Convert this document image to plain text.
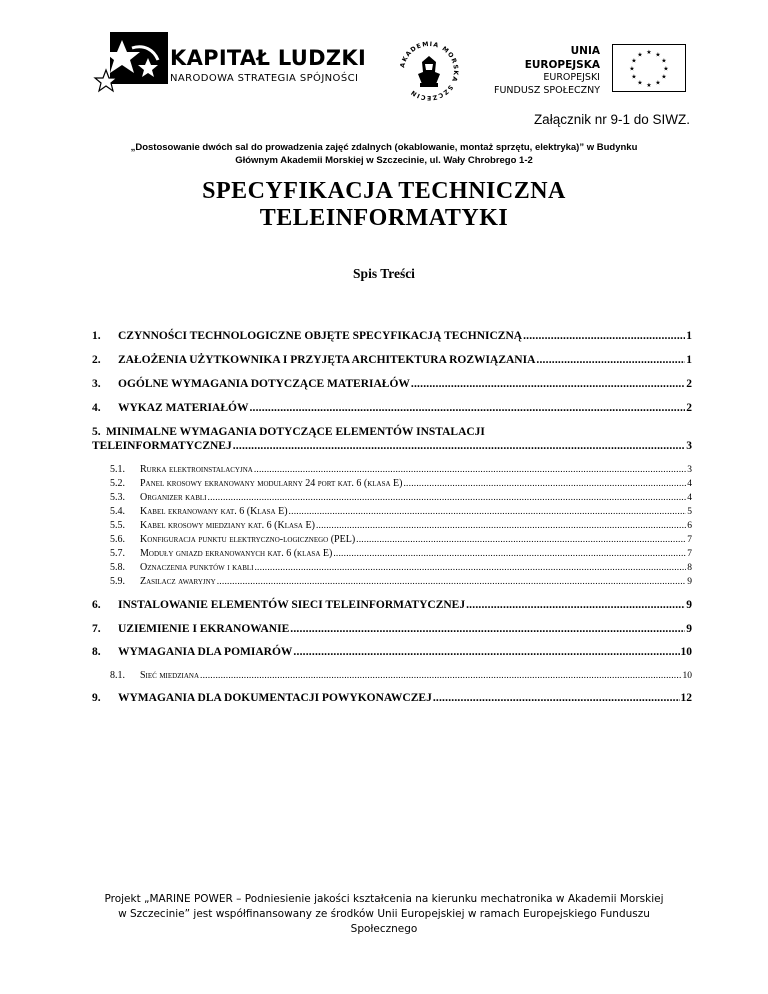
KAPITAŁ LUDZKI
NARODOWA STRATEGIA SPÓJNOŚCI
AKADEMIA MORSKA SZCZECIN
UNIA EUROPEJSKA
EUROPEJSKI
FUNDUSZ SPOŁECZNY
★ ★
★
★
★
★
★
★
★
★
★
★
Załącznik nr 9-1 do SIWZ.
„Dostosowanie dwóch sal do prowadzenia zajęć zdalnych (okablowanie, montaż sprzętu, elektryka)” w Budynku
Głównym Akademii Morskiej w Szczecinie, ul. Wały Chrobrego 1-2
SPECYFIKACJA TECHNICZNA
TELEINFORMATYKI
Spis Treści
1.	CZYNNOŚCI TECHNOLOGICZNE OBJĘTE SPECYFIKACJĄ TECHNICZNĄ .....	1
2.	ZAŁOŻENIA UŻYTKOWNIKA I PRZYJĘTA ARCHITEKTURA ROZWIĄZANIA .....	1
3.	OGÓLNE WYMAGANIA DOTYCZĄCE MATERIAŁÓW .....	2
4.	WYKAZ MATERIAŁÓW .....	2
5. MINIMALNE WYMAGANIA DOTYCZĄCE ELEMENTÓW INSTALACJI
TELEINFORMATYCZNEJ .....	3
5.1.	Rurka elektroinstalacyjna .....	3
5.2.	Panel krosowy ekranowany modularny 24 port kat. 6 (klasa E) .....	4
5.3.	Organizer kabli .....	4
5.4.	Kabel ekranowany kat. 6 (Klasa E) .....	5
5.5.	Kabel krosowy miedziany kat. 6 (Klasa E) .....	6
5.6.	Konfiguracja punktu elektryczno-logicznego (PEL) .....	7
5.7.	Moduły gniazd ekranowanych kat. 6 (klasa E) .....	7
5.8.	Oznaczenia punktów i kabli .....	8
5.9.	Zasilacz awaryjny .....	9
6.	INSTALOWANIE ELEMENTÓW SIECI TELEINFORMATYCZNEJ .....	9
7.	UZIEMIENIE I EKRANOWANIE .....	9
8.	WYMAGANIA DLA POMIARÓW .....	10
8.1.	Sieć miedziana .....	10
9.	WYMAGANIA DLA DOKUMENTACJI POWYKONAWCZEJ .....	12
Projekt „MARINE POWER – Podniesienie jakości kształcenia na kierunku mechatronika w Akademii Morskiej
w Szczecinie” jest współfinansowany ze środków Unii Europejskiej w ramach Europejskiego Funduszu
Społecznego
